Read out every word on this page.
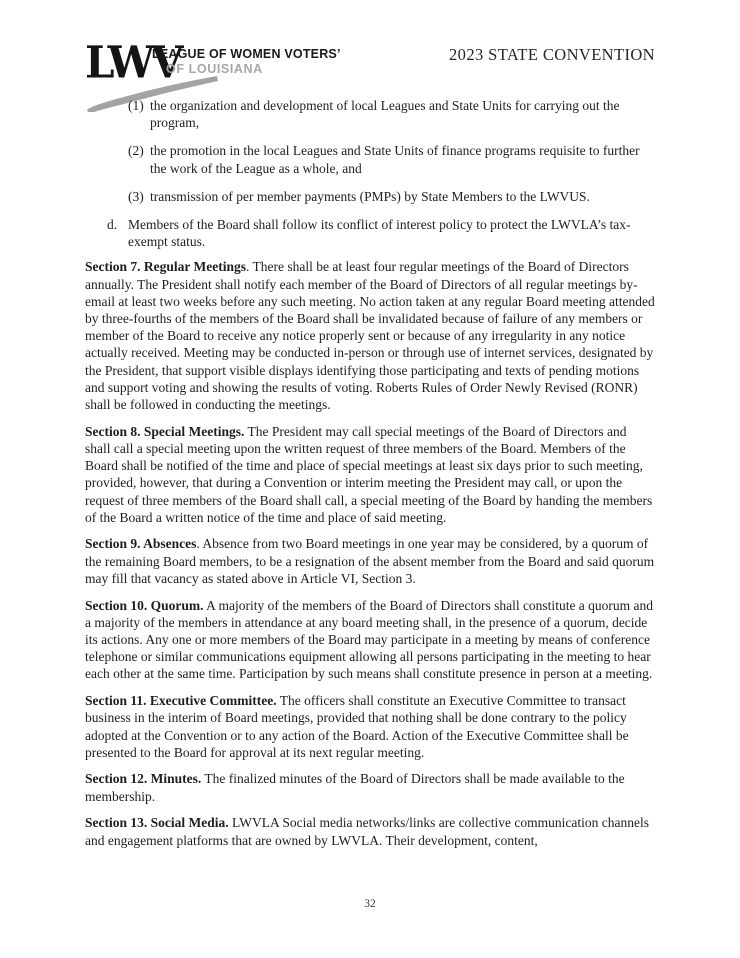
LWV
LEAGUE OF WOMEN VOTERS’
OF LOUISIANA
2023 STATE CONVENTION
(1) the organization and development of local Leagues and State Units for carrying out the program,
(2) the promotion in the local Leagues and State Units of finance programs requisite to further the work of the League as a whole, and
(3) transmission of per member payments (PMPs) by State Members to the LWVUS.
d. Members of the Board shall follow its conflict of interest policy to protect the LWVLA’s tax-exempt status.

Section 7. Regular Meetings. There shall be at least four regular meetings of the Board of Directors annually. The President shall notify each member of the Board of Directors of all regular meetings by-email at least two weeks before any such meeting. No action taken at any regular Board meeting attended by three-fourths of the members of the Board shall be invalidated because of failure of any members or member of the Board to receive any notice properly sent or because of any irregularity in any notice actually received. Meeting may be conducted in-person or through use of internet services, designated by the President, that support visible displays identifying those participating and texts of pending motions and support voting and showing the results of voting. Roberts Rules of Order Newly Revised (RONR) shall be followed in conducting the meetings.

Section 8. Special Meetings. The President may call special meetings of the Board of Directors and shall call a special meeting upon the written request of three members of the Board. Members of the Board shall be notified of the time and place of special meetings at least six days prior to such meeting, provided, however, that during a Convention or interim meeting the President may call, or upon the request of three members of the Board shall call, a special meeting of the Board by handing the members of the Board a written notice of the time and place of said meeting.

Section 9. Absences. Absence from two Board meetings in one year may be considered, by a quorum of the remaining Board members, to be a resignation of the absent member from the Board and said quorum may fill that vacancy as stated above in Article VI, Section 3.

Section 10. Quorum. A majority of the members of the Board of Directors shall constitute a quorum and a majority of the members in attendance at any board meeting shall, in the presence of a quorum, decide its actions. Any one or more members of the Board may participate in a meeting by means of conference telephone or similar communications equipment allowing all persons participating in the meeting to hear each other at the same time. Participation by such means shall constitute presence in person at a meeting.

Section 11. Executive Committee. The officers shall constitute an Executive Committee to transact business in the interim of Board meetings, provided that nothing shall be done contrary to the policy adopted at the Convention or to any action of the Board. Action of the Executive Committee shall be presented to the Board for approval at its next regular meeting.

Section 12. Minutes. The finalized minutes of the Board of Directors shall be made available to the membership.

Section 13. Social Media. LWVLA Social media networks/links are collective communication channels and engagement platforms that are owned by LWVLA. Their development, content,

32
